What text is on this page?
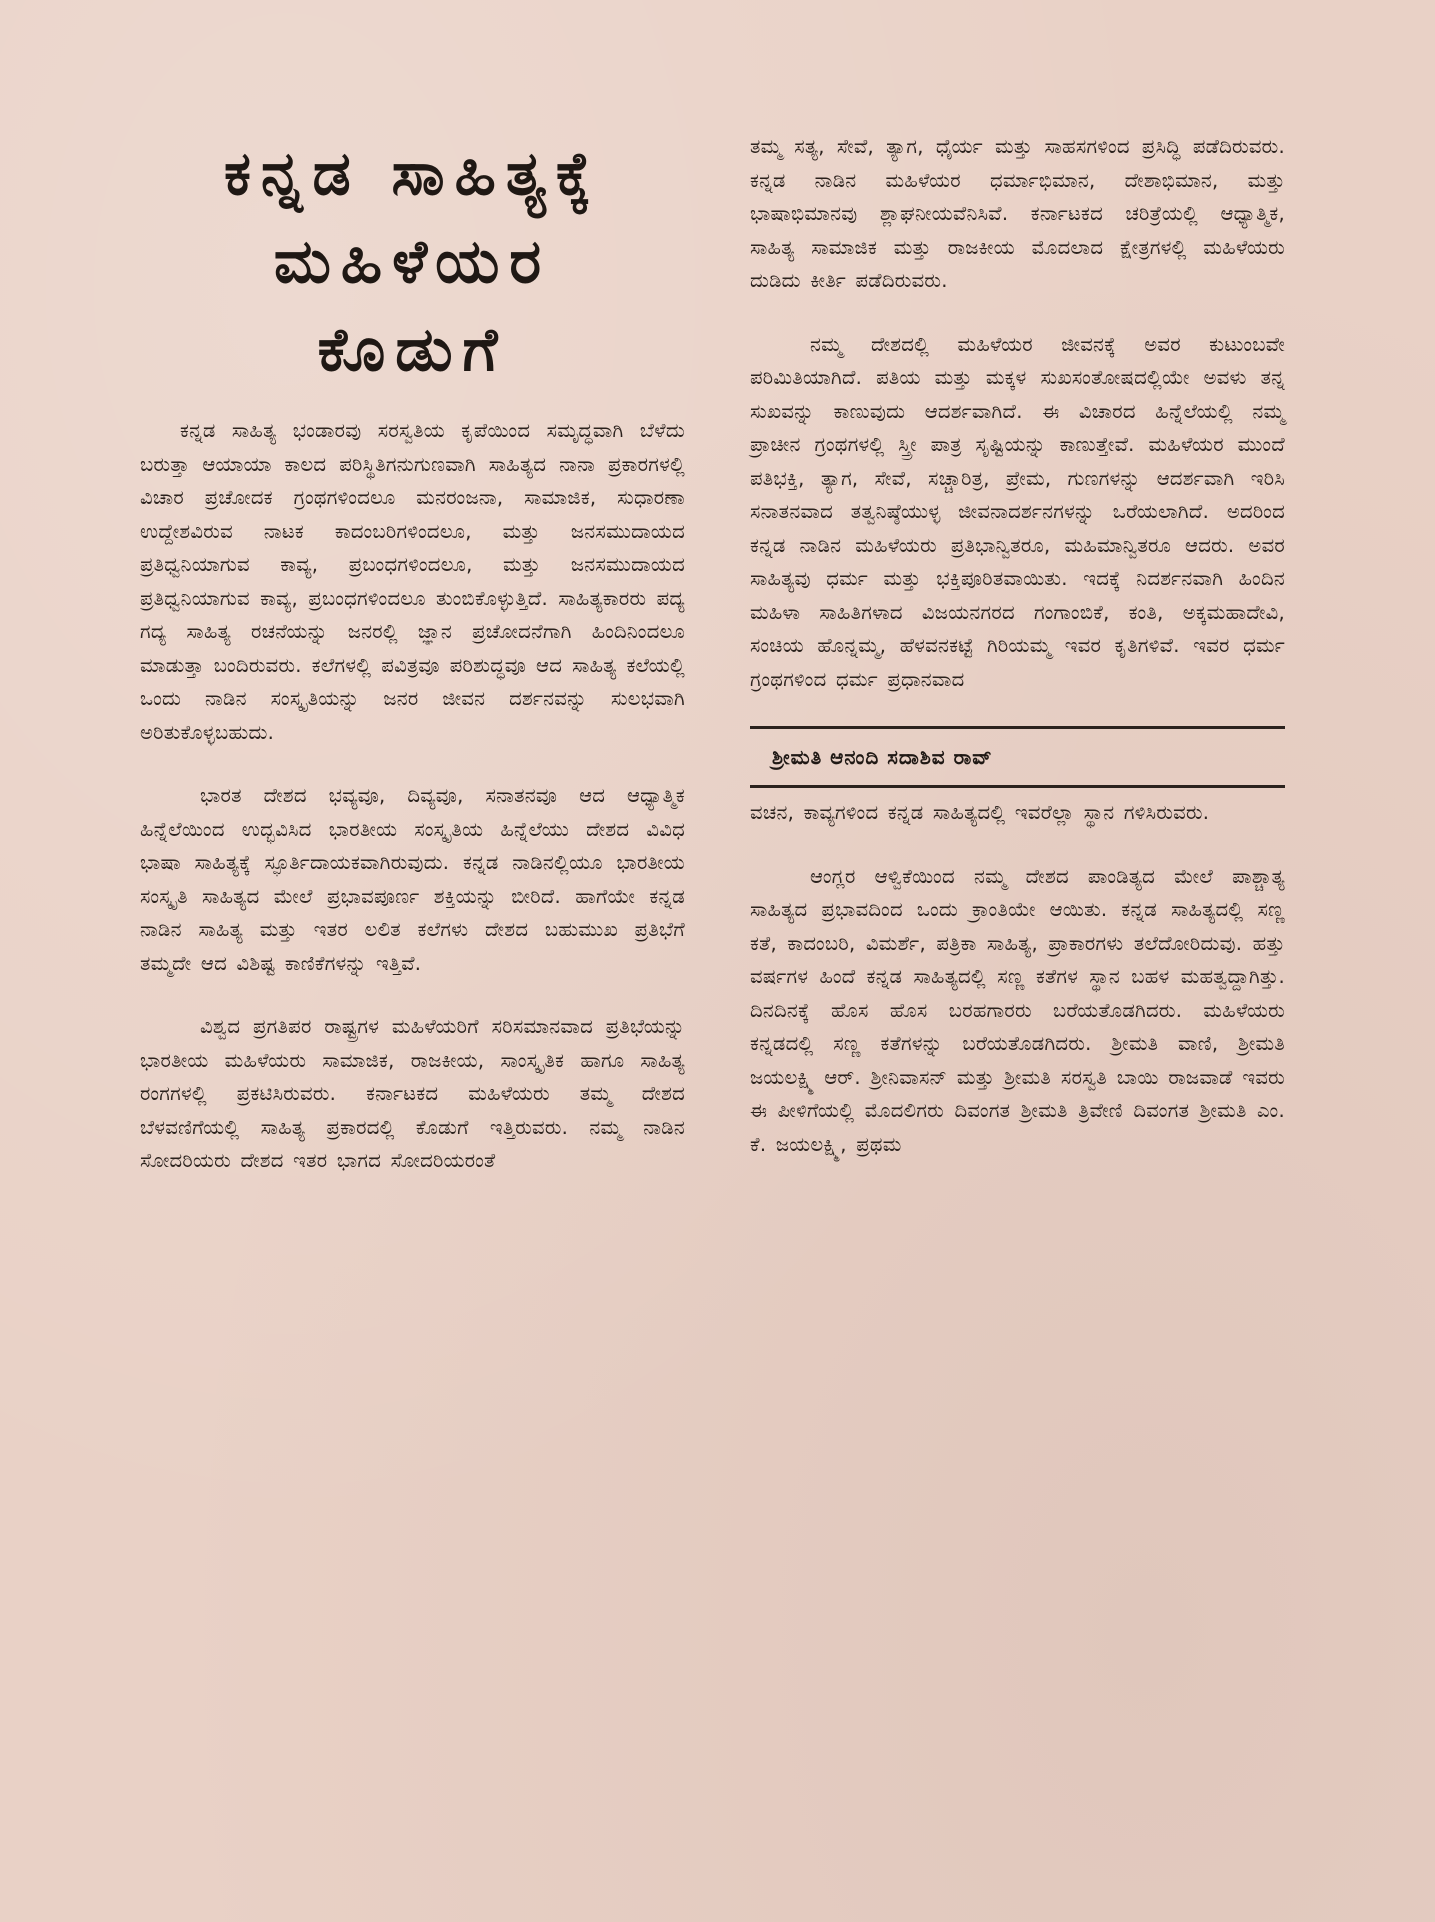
ಕನ್ನಡ ಸಾಹಿತ್ಯಕ್ಕೆ
ಮಹಿಳೆಯರ
ಕೊಡುಗೆ

ಕನ್ನಡ ಸಾಹಿತ್ಯ ಭಂಡಾರವು ಸರಸ್ವತಿಯ ಕೃಪೆಯಿಂದ ಸಮೃದ್ಧವಾಗಿ ಬೆಳೆದು ಬರುತ್ತಾ ಆಯಾಯಾ ಕಾಲದ ಪರಿಸ್ಥಿತಿಗನುಗುಣವಾಗಿ ಸಾಹಿತ್ಯದ ನಾನಾ ಪ್ರಕಾರಗಳಲ್ಲಿ ವಿಚಾರ ಪ್ರಚೋದಕ ಗ್ರಂಥಗಳಿಂದಲೂ ಮನರಂಜನಾ, ಸಾಮಾಜಿಕ, ಸುಧಾರಣಾ ಉದ್ದೇಶವಿರುವ ನಾಟಕ ಕಾದಂಬರಿಗಳಿಂದಲೂ, ಮತ್ತು ಜನಸಮುದಾಯದ ಪ್ರತಿಧ್ವನಿಯಾಗುವ ಕಾವ್ಯ, ಪ್ರಬಂಧಗಳಿಂದಲೂ, ಮತ್ತು ಜನಸಮುದಾಯದ ಪ್ರತಿಧ್ವನಿಯಾಗುವ ಕಾವ್ಯ, ಪ್ರಬಂಧಗಳಿಂದಲೂ ತುಂಬಿಕೊಳ್ಳುತ್ತಿದೆ. ಸಾಹಿತ್ಯಕಾರರು ಪದ್ಯ ಗದ್ಯ ಸಾಹಿತ್ಯ ರಚನೆಯನ್ನು ಜನರಲ್ಲಿ ಜ್ಞಾನ ಪ್ರಚೋದನೆಗಾಗಿ ಹಿಂದಿನಿಂದಲೂ ಮಾಡುತ್ತಾ ಬಂದಿರುವರು. ಕಲೆಗಳಲ್ಲಿ ಪವಿತ್ರವೂ ಪರಿಶುದ್ಧವೂ ಆದ ಸಾಹಿತ್ಯ ಕಲೆಯಲ್ಲಿ ಒಂದು ನಾಡಿನ ಸಂಸ್ಕೃತಿಯನ್ನು ಜನರ ಜೀವನ ದರ್ಶನವನ್ನು ಸುಲಭವಾಗಿ ಅರಿತುಕೊಳ್ಳಬಹುದು.

ಭಾರತ ದೇಶದ ಭವ್ಯವೂ, ದಿವ್ಯವೂ, ಸನಾತನವೂ ಆದ ಆಧ್ಯಾತ್ಮಿಕ ಹಿನ್ನೆಲೆಯಿಂದ ಉದ್ಭವಿಸಿದ ಭಾರತೀಯ ಸಂಸ್ಕೃತಿಯ ಹಿನ್ನೆಲೆಯು ದೇಶದ ವಿವಿಧ ಭಾಷಾ ಸಾಹಿತ್ಯಕ್ಕೆ ಸ್ಫೂರ್ತಿದಾಯಕವಾಗಿರುವುದು. ಕನ್ನಡ ನಾಡಿನಲ್ಲಿಯೂ ಭಾರತೀಯ ಸಂಸ್ಕೃತಿ ಸಾಹಿತ್ಯದ ಮೇಲೆ ಪ್ರಭಾವಪೂರ್ಣ ಶಕ್ತಿಯನ್ನು ಬೀರಿದೆ. ಹಾಗೆಯೇ ಕನ್ನಡ ನಾಡಿನ ಸಾಹಿತ್ಯ ಮತ್ತು ಇತರ ಲಲಿತ ಕಲೆಗಳು ದೇಶದ ಬಹುಮುಖ ಪ್ರತಿಭೆಗೆ ತಮ್ಮದೇ ಆದ ವಿಶಿಷ್ಟ ಕಾಣಿಕೆಗಳನ್ನು ಇತ್ತಿವೆ.

ವಿಶ್ವದ ಪ್ರಗತಿಪರ ರಾಷ್ಟ್ರಗಳ ಮಹಿಳೆಯರಿಗೆ ಸರಿಸಮಾನವಾದ ಪ್ರತಿಭೆಯನ್ನು ಭಾರತೀಯ ಮಹಿಳೆಯರು ಸಾಮಾಜಿಕ, ರಾಜಕೀಯ, ಸಾಂಸ್ಕೃತಿಕ ಹಾಗೂ ಸಾಹಿತ್ಯ ರಂಗಗಳಲ್ಲಿ ಪ್ರಕಟಿಸಿರುವರು. ಕರ್ನಾಟಕದ ಮಹಿಳೆಯರು ತಮ್ಮ ದೇಶದ ಬೆಳವಣಿಗೆಯಲ್ಲಿ ಸಾಹಿತ್ಯ ಪ್ರಕಾರದಲ್ಲಿ ಕೊಡುಗೆ ಇತ್ತಿರುವರು. ನಮ್ಮ ನಾಡಿನ ಸೋದರಿಯರು ದೇಶದ ಇತರ ಭಾಗದ ಸೋದರಿಯರಂತೆ

ತಮ್ಮ ಸತ್ಯ, ಸೇವೆ, ತ್ಯಾಗ, ಧೈರ್ಯ ಮತ್ತು ಸಾಹಸಗಳಿಂದ ಪ್ರಸಿದ್ಧಿ ಪಡೆದಿರುವರು. ಕನ್ನಡ ನಾಡಿನ ಮಹಿಳೆಯರ ಧರ್ಮಾಭಿಮಾನ, ದೇಶಾಭಿಮಾನ, ಮತ್ತು ಭಾಷಾಭಿಮಾನವು ಶ್ಲಾಘನೀಯವೆನಿಸಿವೆ. ಕರ್ನಾಟಕದ ಚರಿತ್ರೆಯಲ್ಲಿ ಆಧ್ಯಾತ್ಮಿಕ, ಸಾಹಿತ್ಯ ಸಾಮಾಜಿಕ ಮತ್ತು ರಾಜಕೀಯ ಮೊದಲಾದ ಕ್ಷೇತ್ರಗಳಲ್ಲಿ ಮಹಿಳೆಯರು ದುಡಿದು ಕೀರ್ತಿ ಪಡೆದಿರುವರು.

ನಮ್ಮ ದೇಶದಲ್ಲಿ ಮಹಿಳೆಯರ ಜೀವನಕ್ಕೆ ಅವರ ಕುಟುಂಬವೇ ಪರಿಮಿತಿಯಾಗಿದೆ. ಪತಿಯ ಮತ್ತು ಮಕ್ಕಳ ಸುಖಸಂತೋಷದಲ್ಲಿಯೇ ಅವಳು ತನ್ನ ಸುಖವನ್ನು ಕಾಣುವುದು ಆದರ್ಶವಾಗಿದೆ. ಈ ವಿಚಾರದ ಹಿನ್ನೆಲೆಯಲ್ಲಿ ನಮ್ಮ ಪ್ರಾಚೀನ ಗ್ರಂಥಗಳಲ್ಲಿ ಸ್ತ್ರೀ ಪಾತ್ರ ಸೃಷ್ಟಿಯನ್ನು ಕಾಣುತ್ತೇವೆ. ಮಹಿಳೆಯರ ಮುಂದೆ ಪತಿಭಕ್ತಿ, ತ್ಯಾಗ, ಸೇವೆ, ಸಚ್ಚಾರಿತ್ರ, ಪ್ರೇಮ, ಗುಣಗಳನ್ನು ಆದರ್ಶವಾಗಿ ಇರಿಸಿ ಸನಾತನವಾದ ತತ್ವನಿಷ್ಠೆಯುಳ್ಳ ಜೀವನಾದರ್ಶನಗಳನ್ನು ಒರೆಯಲಾಗಿದೆ. ಅದರಿಂದ ಕನ್ನಡ ನಾಡಿನ ಮಹಿಳೆಯರು ಪ್ರತಿಭಾನ್ವಿತರೂ, ಮಹಿಮಾನ್ವಿತರೂ ಆದರು. ಅವರ ಸಾಹಿತ್ಯವು ಧರ್ಮ ಮತ್ತು ಭಕ್ತಿಪೂರಿತವಾಯಿತು. ಇದಕ್ಕೆ ನಿದರ್ಶನವಾಗಿ ಹಿಂದಿನ ಮಹಿಳಾ ಸಾಹಿತಿಗಳಾದ ವಿಜಯನಗರದ ಗಂಗಾಂಬಿಕೆ, ಕಂತಿ, ಅಕ್ಕಮಹಾದೇವಿ, ಸಂಚಿಯ ಹೊನ್ನಮ್ಮ, ಹೆಳವನಕಟ್ಟೆ ಗಿರಿಯಮ್ಮ ಇವರ ಕೃತಿಗಳಿವೆ. ಇವರ ಧರ್ಮ ಗ್ರಂಥಗಳಿಂದ ಧರ್ಮ ಪ್ರಧಾನವಾದ

ಶ್ರೀಮತಿ ಆನಂದಿ ಸದಾಶಿವ ರಾವ್

ವಚನ, ಕಾವ್ಯಗಳಿಂದ ಕನ್ನಡ ಸಾಹಿತ್ಯದಲ್ಲಿ ಇವರೆಲ್ಲಾ ಸ್ಥಾನ ಗಳಿಸಿರುವರು.

ಆಂಗ್ಲರ ಆಳ್ವಿಕೆಯಿಂದ ನಮ್ಮ ದೇಶದ ಪಾಂಡಿತ್ಯದ ಮೇಲೆ ಪಾಶ್ಚಾತ್ಯ ಸಾಹಿತ್ಯದ ಪ್ರಭಾವದಿಂದ ಒಂದು ಕ್ರಾಂತಿಯೇ ಆಯಿತು. ಕನ್ನಡ ಸಾಹಿತ್ಯದಲ್ಲಿ ಸಣ್ಣ ಕತೆ, ಕಾದಂಬರಿ, ವಿಮರ್ಶೆ, ಪತ್ರಿಕಾ ಸಾಹಿತ್ಯ, ಪ್ರಾಕಾರಗಳು ತಲೆದೋರಿದುವು. ಹತ್ತು ವರ್ಷಗಳ ಹಿಂದೆ ಕನ್ನಡ ಸಾಹಿತ್ಯದಲ್ಲಿ ಸಣ್ಣ ಕತೆಗಳ ಸ್ಥಾನ ಬಹಳ ಮಹತ್ವದ್ದಾಗಿತ್ತು. ದಿನದಿನಕ್ಕೆ ಹೊಸ ಹೊಸ ಬರಹಗಾರರು ಬರೆಯತೊಡಗಿದರು. ಮಹಿಳೆಯರು ಕನ್ನಡದಲ್ಲಿ ಸಣ್ಣ ಕತೆಗಳನ್ನು ಬರೆಯತೊಡಗಿದರು. ಶ್ರೀಮತಿ ವಾಣಿ, ಶ್ರೀಮತಿ ಜಯಲಕ್ಷ್ಮಿ ಆರ್. ಶ್ರೀನಿವಾಸನ್ ಮತ್ತು ಶ್ರೀಮತಿ ಸರಸ್ವತಿ ಬಾಯಿ ರಾಜವಾಡೆ ಇವರು ಈ ಪೀಳಿಗೆಯಲ್ಲಿ ಮೊದಲಿಗರು ದಿವಂಗತ ಶ್ರೀಮತಿ ತ್ರಿವೇಣಿ ದಿವಂಗತ ಶ್ರೀಮತಿ ಎಂ. ಕೆ. ಜಯಲಕ್ಷ್ಮಿ, ಪ್ರಥಮ
